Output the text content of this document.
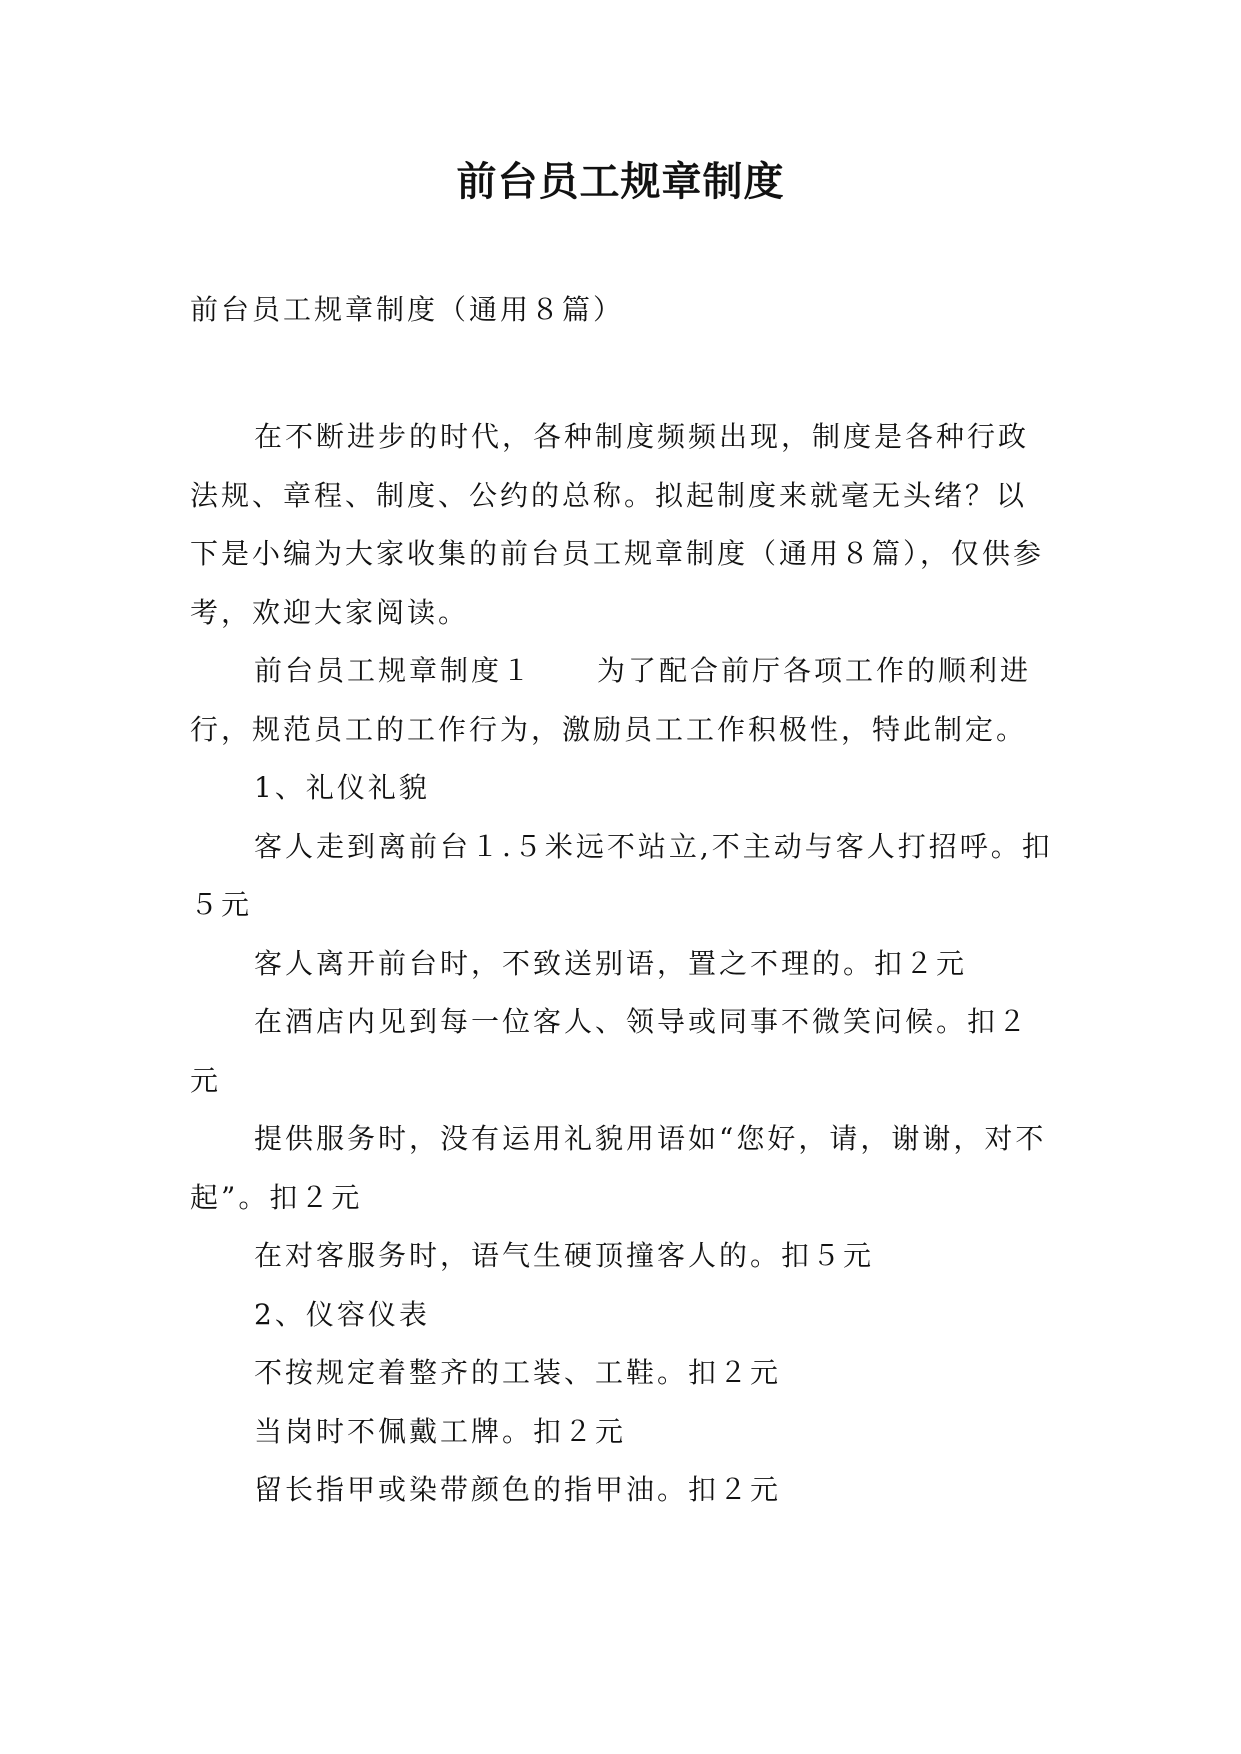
前台员工规章制度

前台员工规章制度（通用８篇）

在不断进步的时代，各种制度频频出现，制度是各种行政法规、章程、制度、公约的总称。拟起制度来就毫无头绪？以下是小编为大家收集的前台员工规章制度（通用８篇），仅供参考，欢迎大家阅读。

前台员工规章制度１ 为了配合前厅各项工作的顺利进行，规范员工的工作行为，激励员工工作积极性，特此制定。

1、礼仪礼貌

客人走到离前台１.５米远不站立,不主动与客人打招呼。扣５元

客人离开前台时，不致送别语，置之不理的。扣２元

在酒店内见到每一位客人、领导或同事不微笑问候。扣２元

提供服务时，没有运用礼貌用语如“您好，请，谢谢，对不起”。扣２元

在对客服务时，语气生硬顶撞客人的。扣５元

2、仪容仪表

不按规定着整齐的工装、工鞋。扣２元

当岗时不佩戴工牌。扣２元

留长指甲或染带颜色的指甲油。扣２元
